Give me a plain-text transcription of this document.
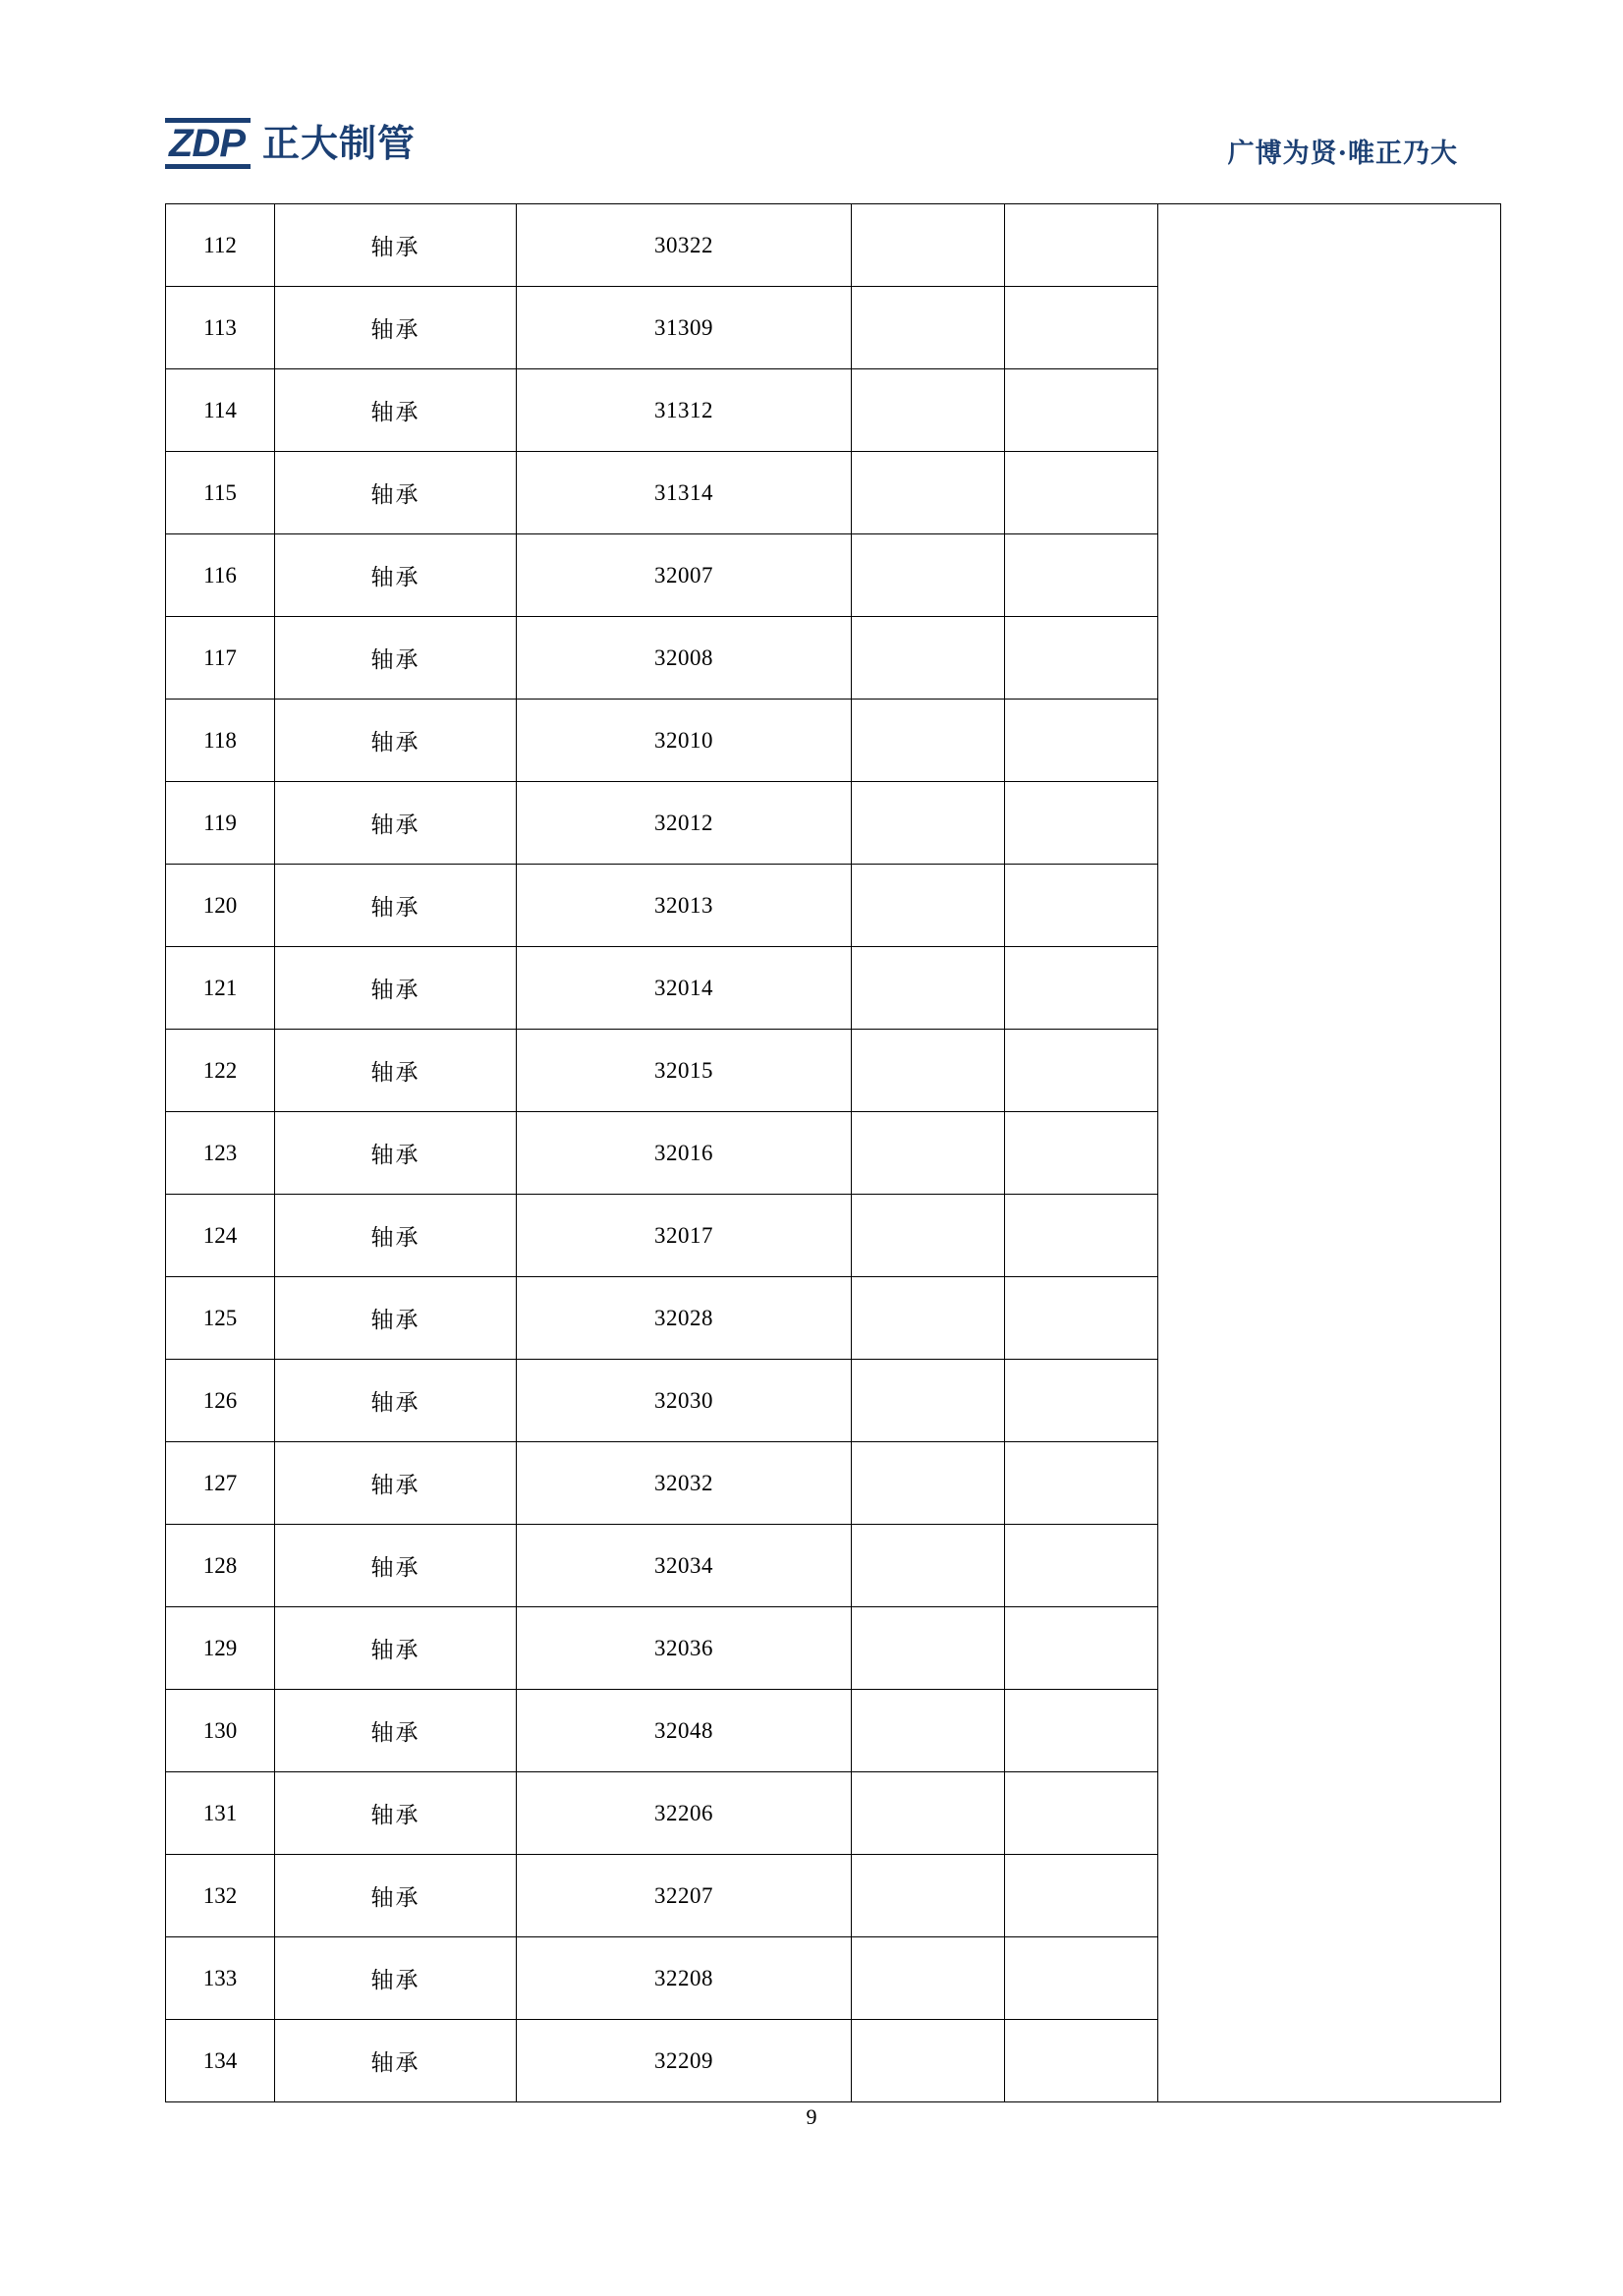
ZDP 正大制管	广博为贤·唯正乃大
112	轴承	30322			
113	轴承	31309			
114	轴承	31312			
115	轴承	31314			
116	轴承	32007			
117	轴承	32008			
118	轴承	32010			
119	轴承	32012			
120	轴承	32013			
121	轴承	32014			
122	轴承	32015			
123	轴承	32016			
124	轴承	32017			
125	轴承	32028			
126	轴承	32030			
127	轴承	32032			
128	轴承	32034			
129	轴承	32036			
130	轴承	32048			
131	轴承	32206			
132	轴承	32207			
133	轴承	32208			
134	轴承	32209			
9
